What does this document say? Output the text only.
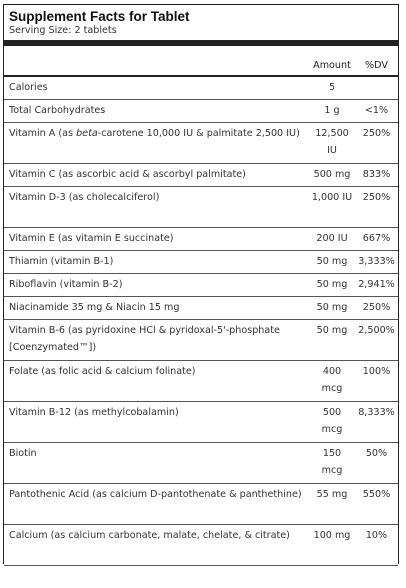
Supplement Facts for Tablet
Serving Size: 2 tablets
	Amount	%DV
Calories	5	
Total Carbohydrates	1 g	<1%
Vitamin A (as beta-carotene 10,000 IU & palmitate 2,500 IU)	12,500 IU	250%
Vitamin C (as ascorbic acid & ascorbyl palmitate)	500 mg	833%
Vitamin D-3 (as cholecalciferol)	1,000 IU	250%
Vitamin E (as vitamin E succinate)	200 IU	667%
Thiamin (vitamin B-1)	50 mg	3,333%
Riboflavin (vitamin B-2)	50 mg	2,941%
Niacinamide 35 mg & Niacin 15 mg	50 mg	250%
Vitamin B-6 (as pyridoxine HCl & pyridoxal-5'-phosphate [Coenzymated™])	50 mg	2,500%
Folate (as folic acid & calcium folinate)	400 mcg	100%
Vitamin B-12 (as methylcobalamin)	500 mcg	8,333%
Biotin	150 mcg	50%
Pantothenic Acid (as calcium D-pantothenate & panthethine)	55 mg	550%
Calcium (as calcium carbonate, malate, chelate, & citrate)	100 mg	10%
